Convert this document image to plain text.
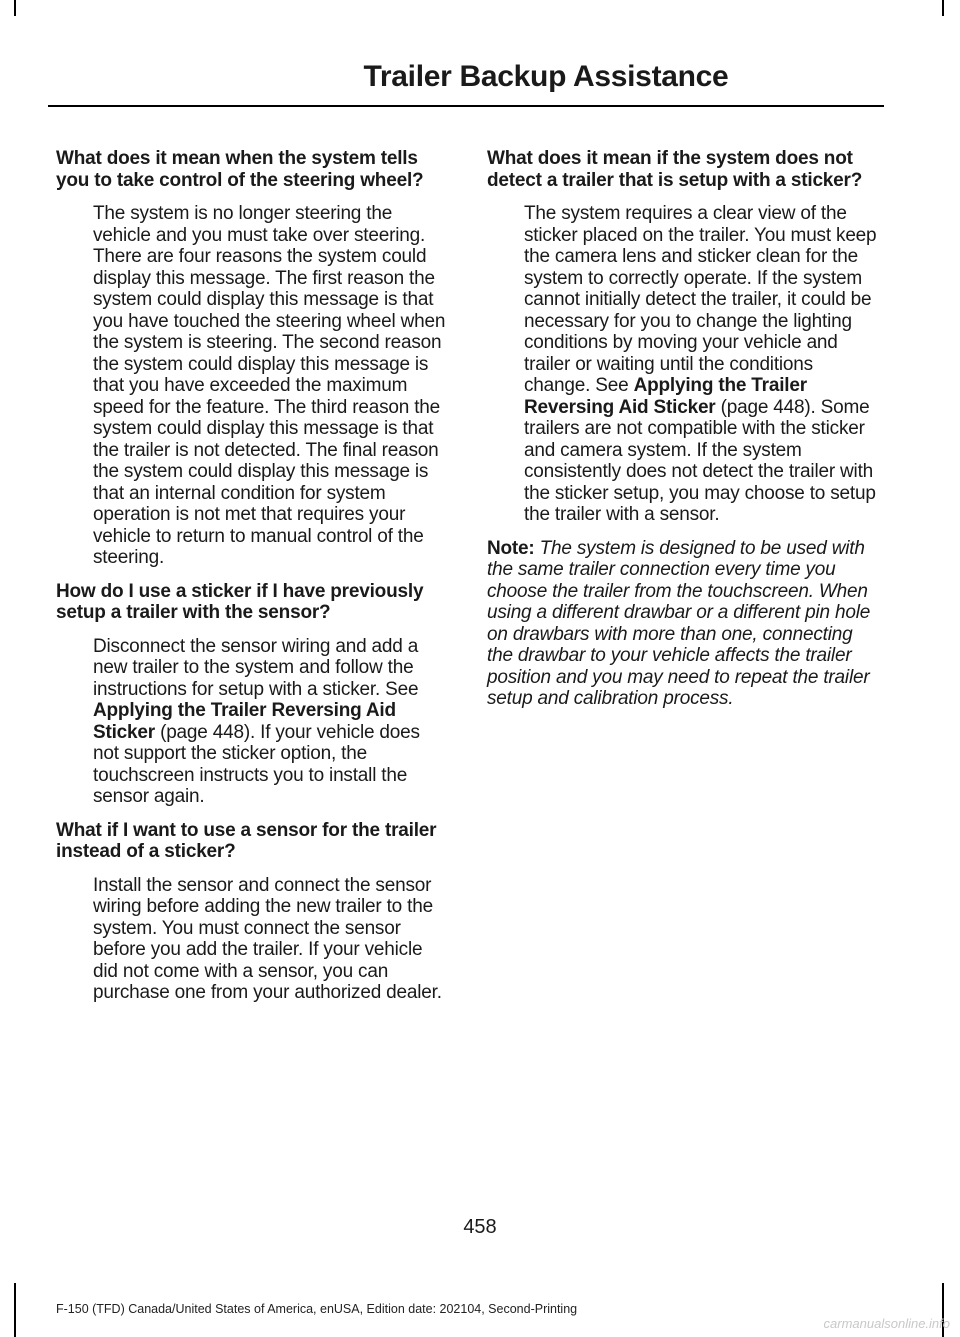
Trailer Backup Assistance

What does it mean when the system tells you to take control of the steering wheel?

The system is no longer steering the vehicle and you must take over steering. There are four reasons the system could display this message. The first reason the system could display this message is that you have touched the steering wheel when the system is steering. The second reason the system could display this message is that you have exceeded the maximum speed for the feature. The third reason the system could display this message is that the trailer is not detected. The final reason the system could display this message is that an internal condition for system operation is not met that requires your vehicle to return to manual control of the steering.

How do I use a sticker if I have previously setup a trailer with the sensor?

Disconnect the sensor wiring and add a new trailer to the system and follow the instructions for setup with a sticker. See Applying the Trailer Reversing Aid Sticker (page 448). If your vehicle does not support the sticker option, the touchscreen instructs you to install the sensor again.

What if I want to use a sensor for the trailer instead of a sticker?

Install the sensor and connect the sensor wiring before adding the new trailer to the system. You must connect the sensor before you add the trailer. If your vehicle did not come with a sensor, you can purchase one from your authorized dealer.

What does it mean if the system does not detect a trailer that is setup with a sticker?

The system requires a clear view of the sticker placed on the trailer. You must keep the camera lens and sticker clean for the system to correctly operate. If the system cannot initially detect the trailer, it could be necessary for you to change the lighting conditions by moving your vehicle and trailer or waiting until the conditions change. See Applying the Trailer Reversing Aid Sticker (page 448). Some trailers are not compatible with the sticker and camera system. If the system consistently does not detect the trailer with the sticker setup, you may choose to setup the trailer with a sensor.

Note: The system is designed to be used with the same trailer connection every time you choose the trailer from the touchscreen. When using a different drawbar or a different pin hole on drawbars with more than one, connecting the drawbar to your vehicle affects the trailer position and you may need to repeat the trailer setup and calibration process.

458
F-150 (TFD) Canada/United States of America, enUSA, Edition date: 202104, Second-Printing
carmanualsonline.info
